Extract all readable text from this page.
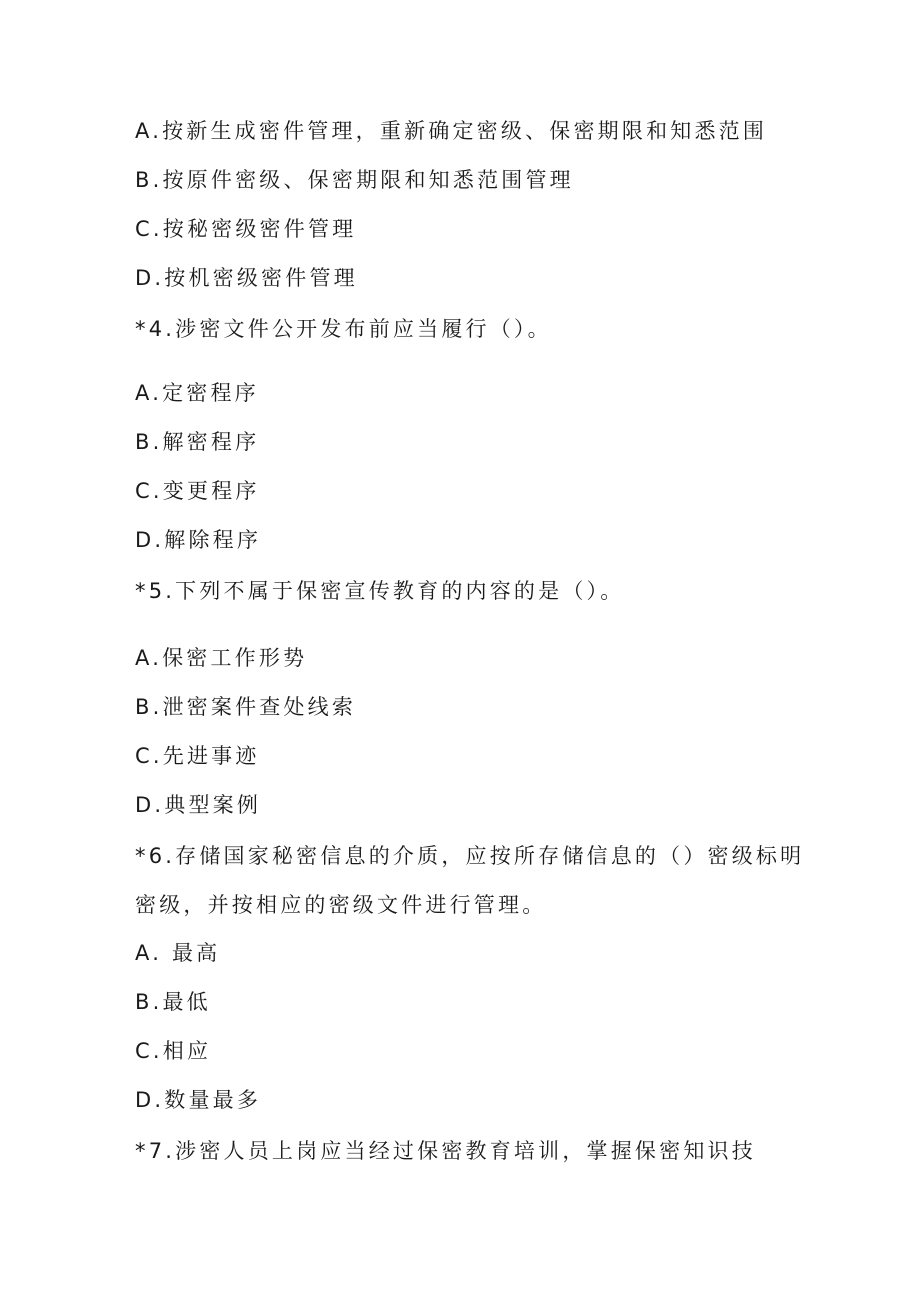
A.按新生成密件管理，重新确定密级、保密期限和知悉范围
B.按原件密级、保密期限和知悉范围管理
C.按秘密级密件管理
D.按机密级密件管理
*4.涉密文件公开发布前应当履行（）。
A.定密程序
B.解密程序
C.变更程序
D.解除程序
*5.下列不属于保密宣传教育的内容的是（）。
A.保密工作形势
B.泄密案件查处线索
C.先进事迹
D.典型案例
*6.存储国家秘密信息的介质，应按所存储信息的（）密级标明
密级，并按相应的密级文件进行管理。
A. 最高
B.最低
C.相应
D.数量最多
*7.涉密人员上岗应当经过保密教育培训，掌握保密知识技
